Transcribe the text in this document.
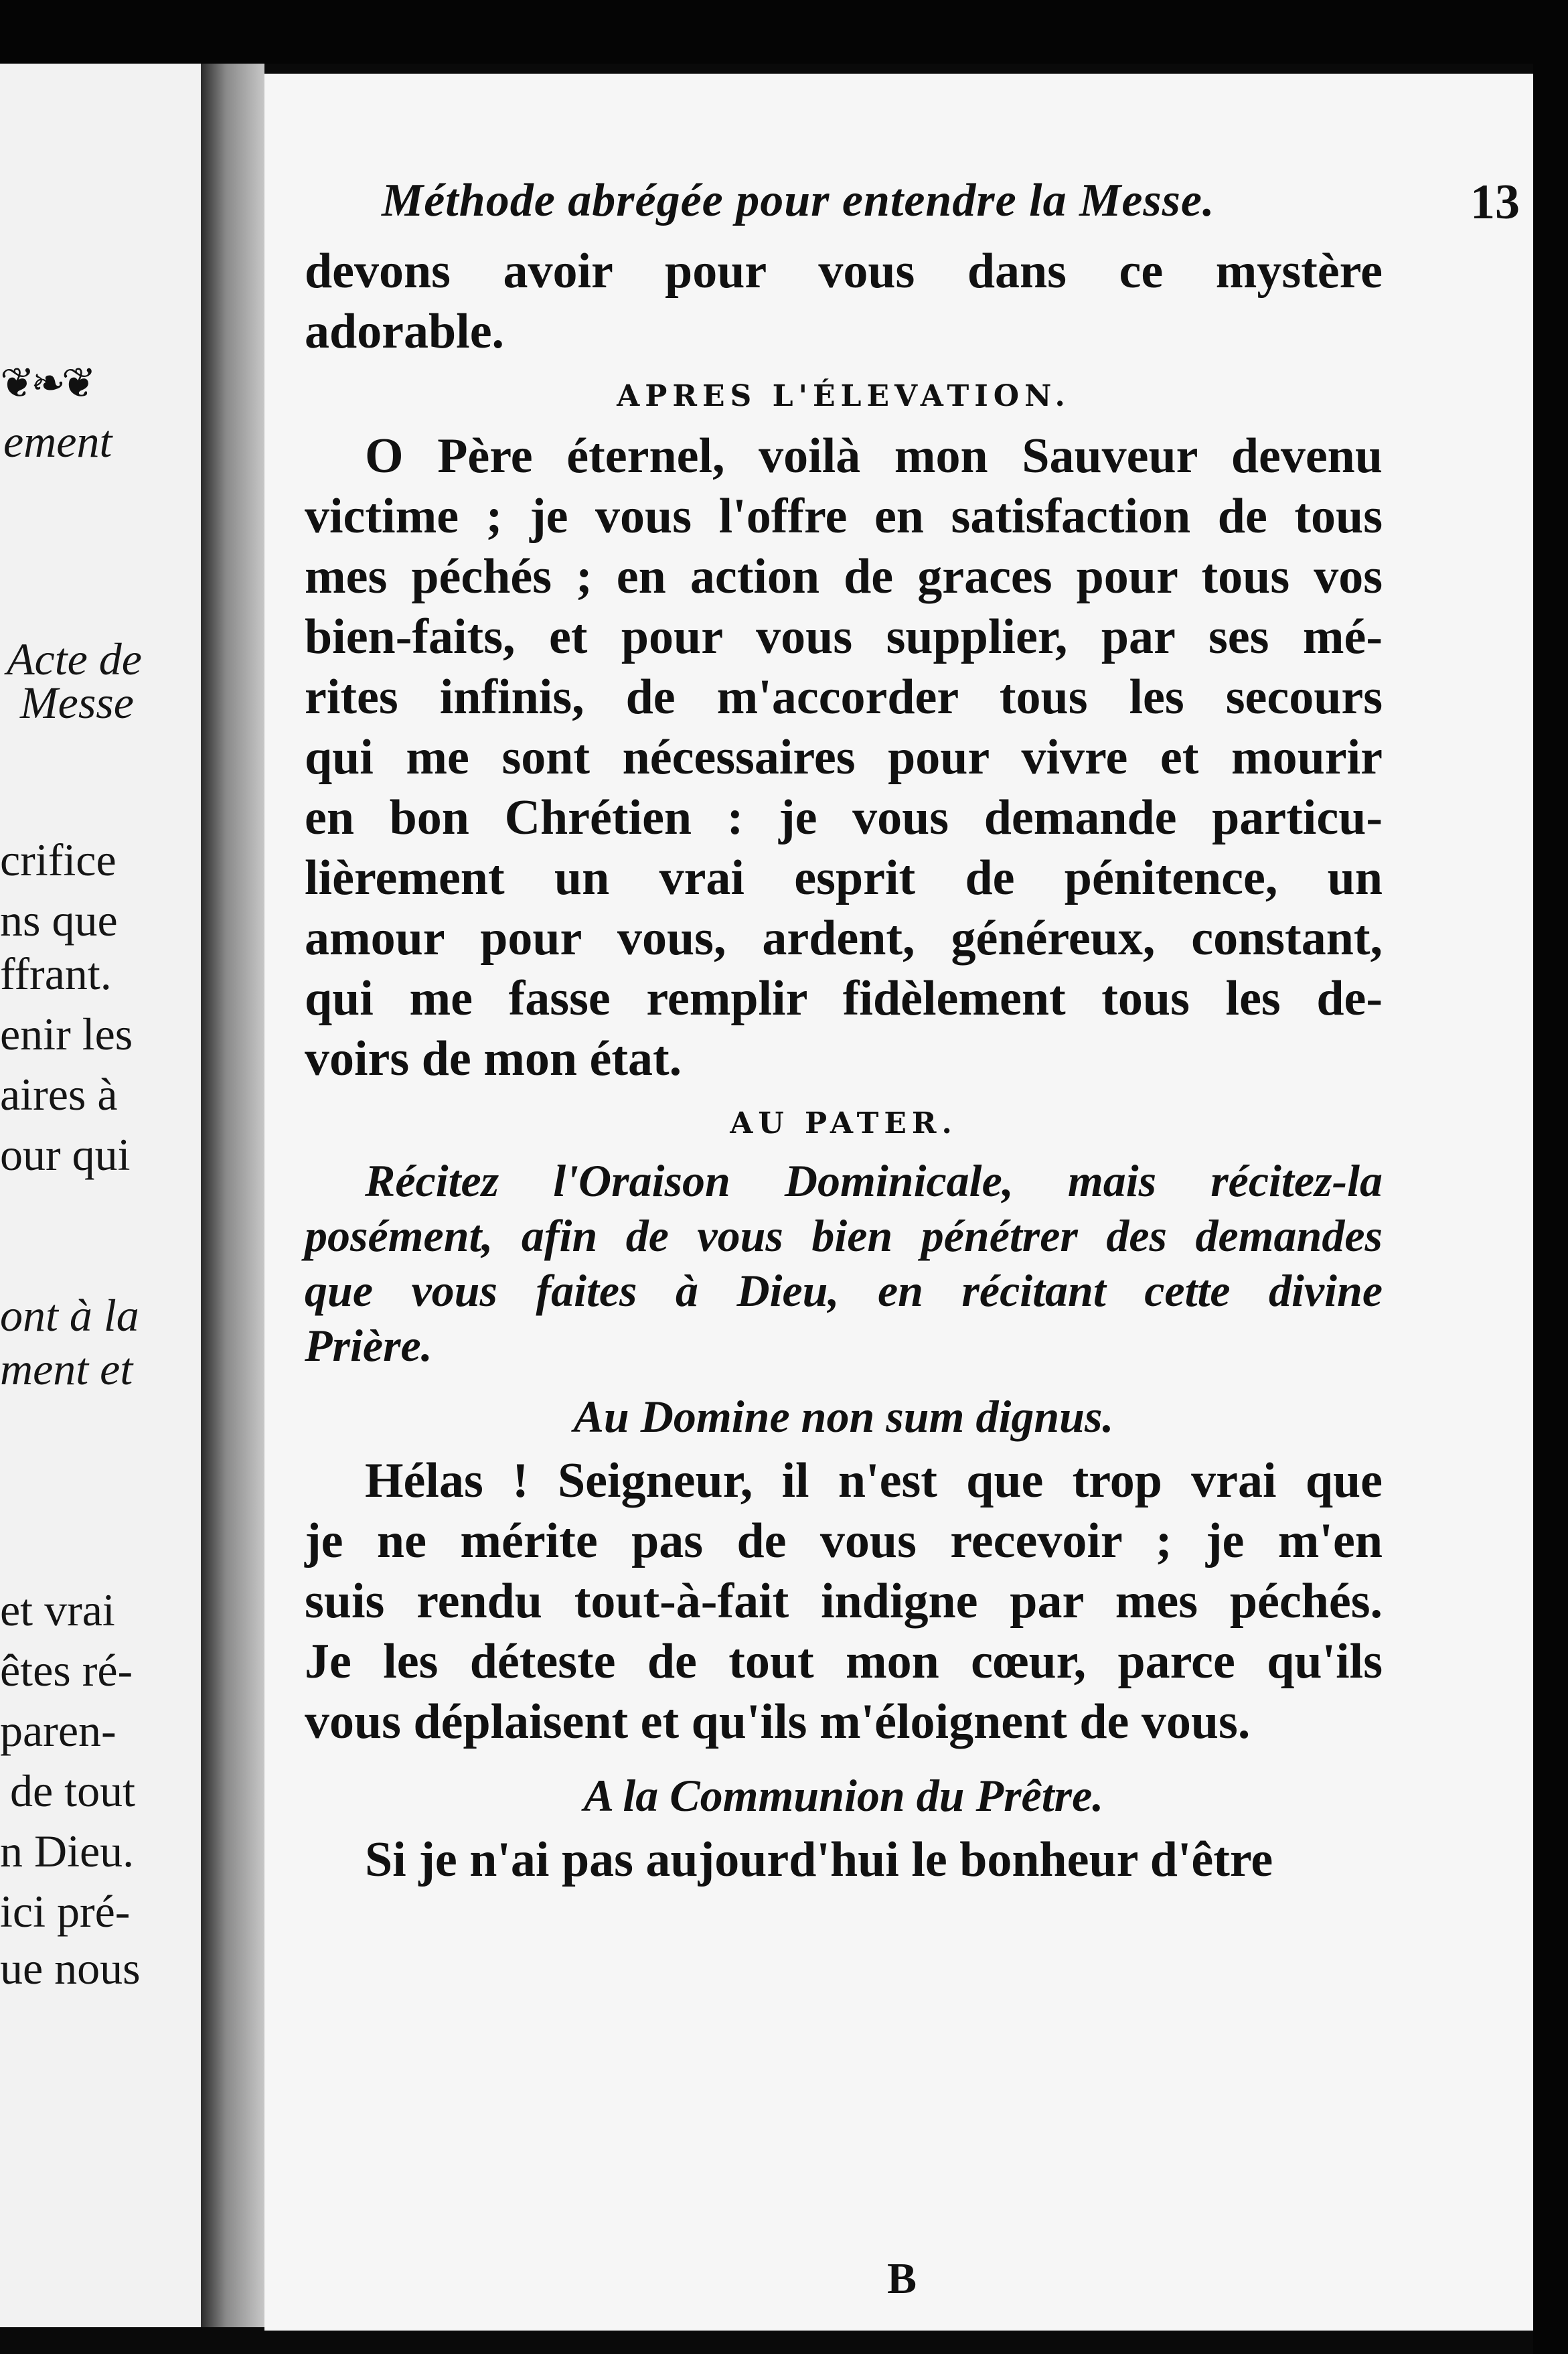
❦❧❦
ement
Acte de
Messe
crifice
ns que
ffrant.
enir les
aires à
our qui
ont à la
ment et
et vrai
êtes ré-
paren-
de tout
n Dieu.
ici pré-
ue nous
Méthode abrégée pour entendre la Messe.	13
devons avoir pour vous dans ce mystère
adorable.
APRES L'ÉLEVATION.
O Père éternel, voilà mon Sauveur devenu
victime ; je vous l'offre en satisfaction de tous
mes péchés ; en action de graces pour tous vos
bien-faits, et pour vous supplier, par ses mé-
rites infinis, de m'accorder tous les secours
qui me sont nécessaires pour vivre et mourir
en bon Chrétien : je vous demande particu-
lièrement un vrai esprit de pénitence, un
amour pour vous, ardent, généreux, constant,
qui me fasse remplir fidèlement tous les de-
voirs de mon état.
AU PATER.
Récitez l'Oraison Dominicale, mais récitez-la
posément, afin de vous bien pénétrer des demandes
que vous faites à Dieu, en récitant cette divine
Prière.
Au Domine non sum dignus.
Hélas ! Seigneur, il n'est que trop vrai que
je ne mérite pas de vous recevoir ; je m'en
suis rendu tout-à-fait indigne par mes péchés.
Je les déteste de tout mon cœur, parce qu'ils
vous déplaisent et qu'ils m'éloignent de vous.
A la Communion du Prêtre.
Si je n'ai pas aujourd'hui le bonheur d'être
B
